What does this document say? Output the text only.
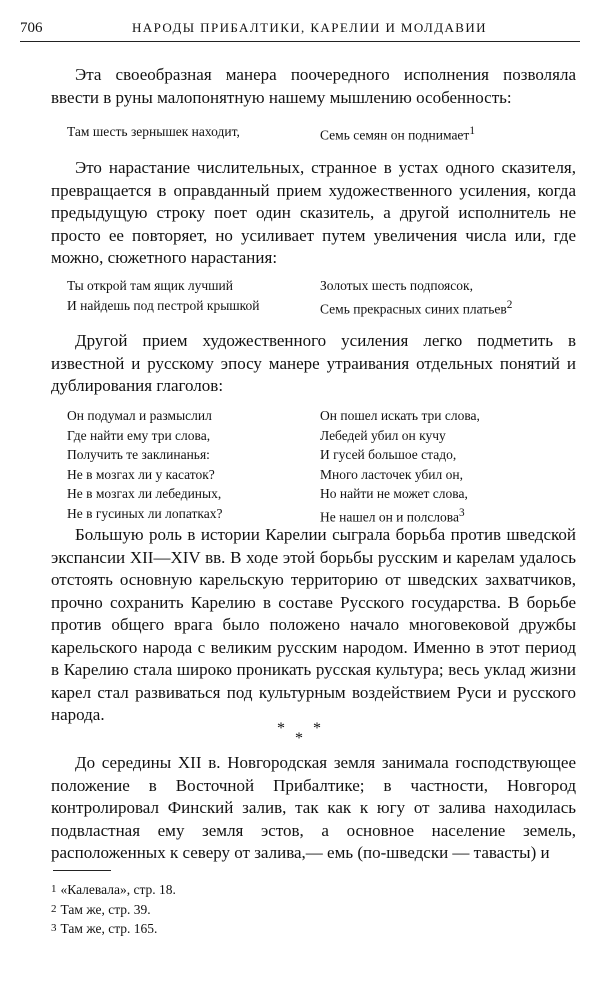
706	НАРОДЫ ПРИБАЛТИКИ, КАРЕЛИИ И МОЛДАВИИ

Эта своеобразная манера поочередного исполнения позволяла ввести в руны малопонятную нашему мышлению особенность:

Там шесть зернышек находит,	Семь семян он поднимает$^1$

Это нарастание числительных, странное в устах одного сказителя, превращается в оправданный прием художественного усиления, когда предыдущую строку поет один сказитель, а другой исполнитель не просто ее повторяет, но усиливает путем увеличения числа или, где можно, сюжетного нарастания:

Ты открой там ящик лучший
И найдешь под пестрой крышкой
Золотых шесть подпоясок,
Семь прекрасных синих платьев$^2$

Другой прием художественного усиления легко подметить в известной и русскому эпосу манере утраивания отдельных понятий и дублирования глаголов:

Он подумал и размыслил
Где найти ему три слова,
Получить те заклинанья:
Не в мозгах ли у касаток?
Не в мозгах ли лебединых,
Не в гусиных ли лопатках?
Он пошел искать три слова,
Лебедей убил он кучу
И гусей большое стадо,
Много ласточек убил он,
Но найти не может слова,
Не нашел он и полслова$^3$

Большую роль в истории Карелии сыграла борьба против шведской экспансии XII—XIV вв. В ходе этой борьбы русским и карелам удалось отстоять основную карельскую территорию от шведских захватчиков, прочно сохранить Карелию в составе Русского государства. В борьбе против общего врага было положено начало многовековой дружбы карельского народа с великим русским народом. Именно в этот период в Карелию стала широко проникать русская культура; весь уклад жизни карел стал развиваться под культурным воздействием Руси и русского народа.

*
*
*

До середины XII в. Новгородская земля занимала господствующее положение в Восточной Прибалтике; в частности, Новгород контролировал Финский залив, так как к югу от залива находилась подвластная ему земля эстов, а основное население земель, расположенных к северу от залива,— емь (по-шведски — тавасты) и

$^1$ «Калевала», стр. 18.
$^2$ Там же, стр. 39.
$^3$ Там же, стр. 165.
